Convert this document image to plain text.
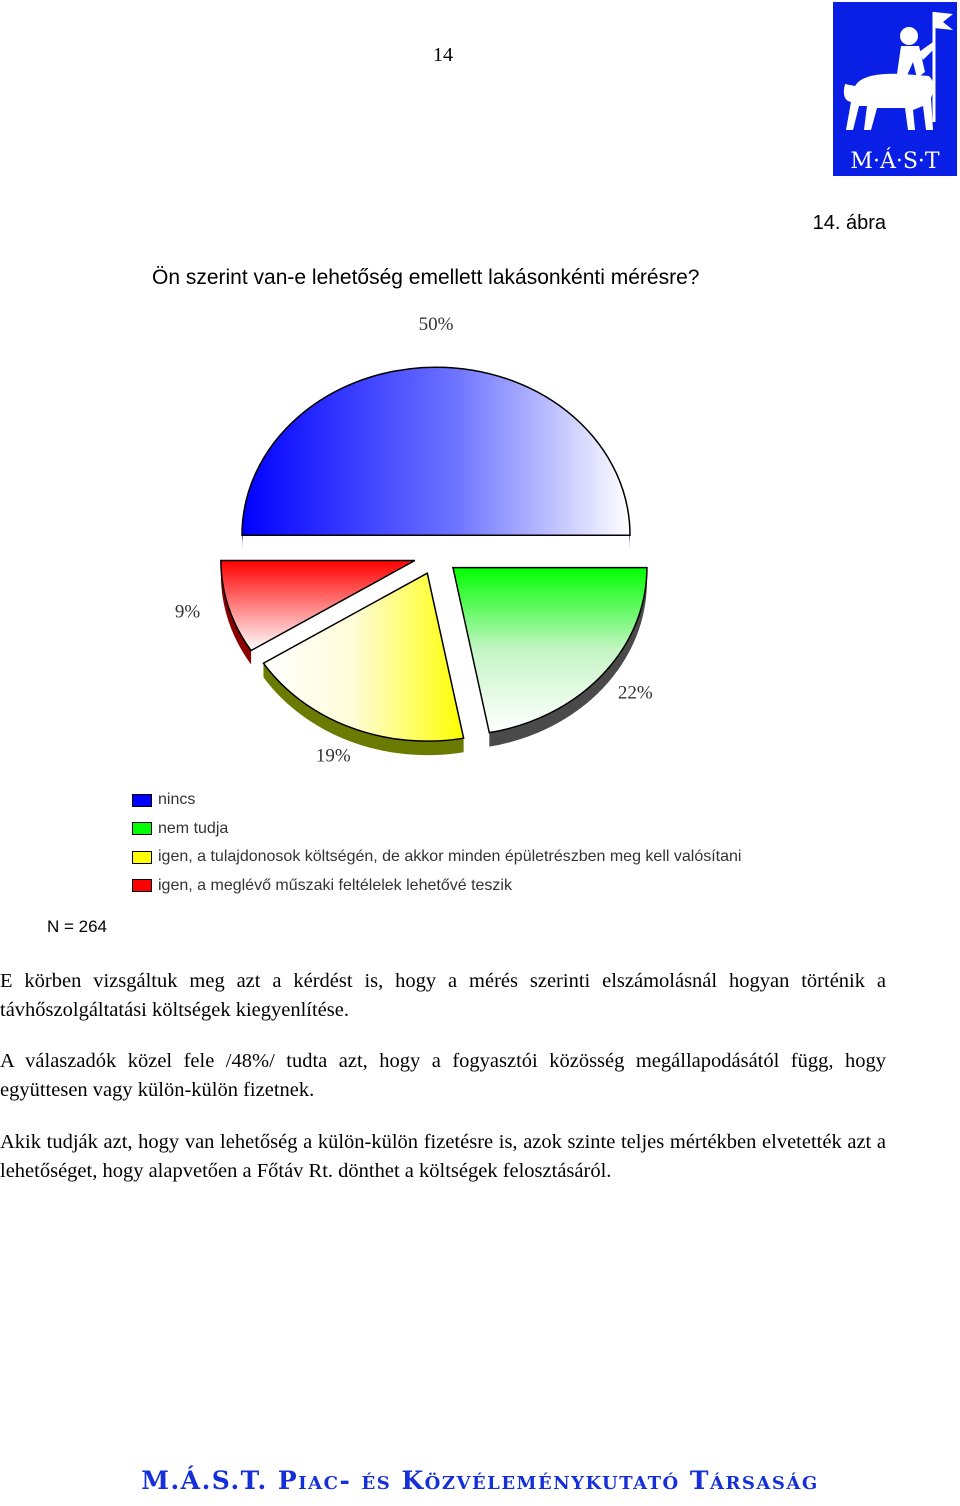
14
M·Á·S·T
14. ábra
Ön szerint van-e lehetőség emellett lakásonkénti mérésre?
50%
22%
19%
9%
nincs
nem tudja
igen, a tulajdonosok költségén, de akkor minden épületrészben meg kell valósítani
igen, a meglévő műszaki feltélelek lehetővé teszik
N = 264
E körben vizsgáltuk meg azt a kérdést is, hogy a mérés szerinti elszámolásnál hogyan történik a távhőszolgáltatási költségek kiegyenlítése.
A válaszadók közel fele /48%/ tudta azt, hogy a fogyasztói közösség megállapodásától függ, hogy együttesen vagy külön-külön fizetnek.
Akik tudják azt, hogy van lehetőség a külön-külön fizetésre is, azok szinte teljes mértékben elvetették azt a lehetőséget, hogy alapvetően a Főtáv Rt. dönthet a költségek felosztásáról.
M.Á.S.T. Piac- és Közvéleménykutató Társaság
